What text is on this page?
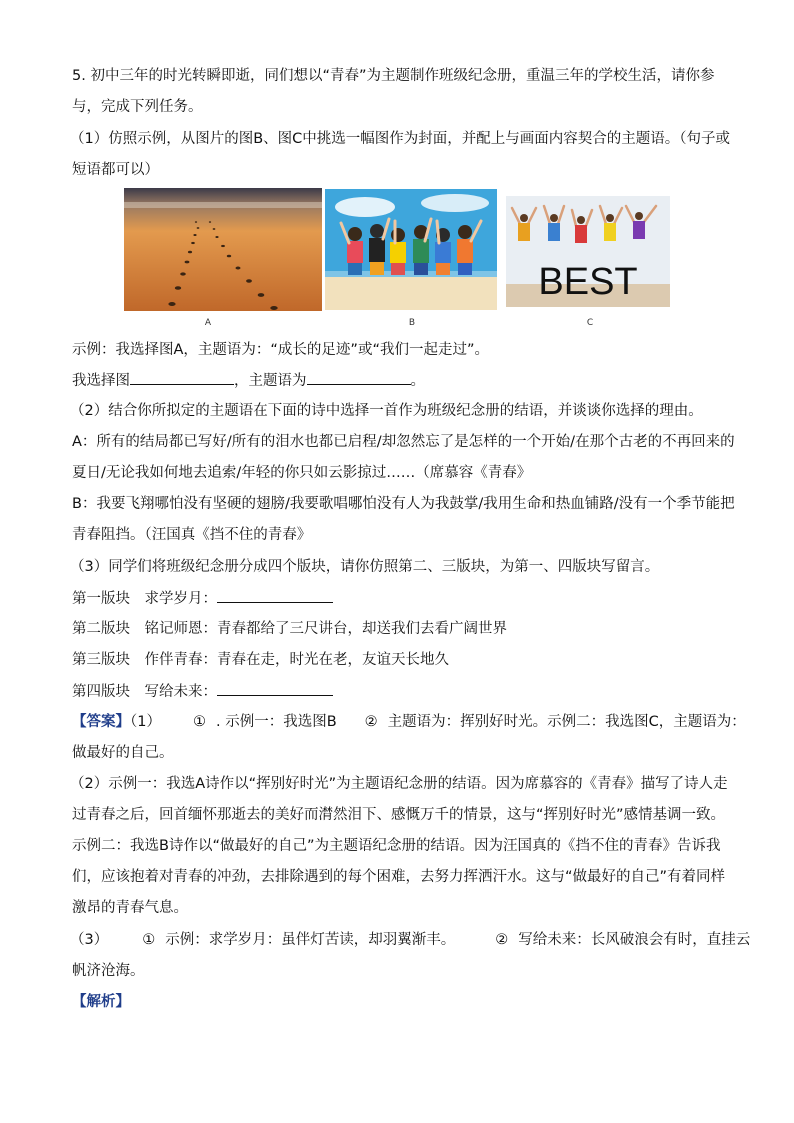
5. 初中三年的时光转瞬即逝，同们想以“青春”为主题制作班级纪念册，重温三年的学校生活，请你参
与，完成下列任务。
（1）仿照示例，从图片的图B、图C中挑选一幅图作为封面，并配上与画面内容契合的主题语。（句子或
短语都可以）
A	B
BEST
C
示例：我选择图A，主题语为：“成长的足迹”或“我们一起走过”。
我选择图	，主题语为	。
（2）结合你所拟定的主题语在下面的诗中选择一首作为班级纪念册的结语，并谈谈你选择的理由。
A：所有的结局都已写好/所有的泪水也都已启程/却忽然忘了是怎样的一个开始/在那个古老的不再回来的
夏日/无论我如何地去追索/年轻的你只如云影掠过……（席慕容《青春》
B：我要飞翔哪怕没有坚硬的翅膀/我要歌唱哪怕没有人为我鼓掌/我用生命和热血铺路/没有一个季节能把
青春阻挡。（汪国真《挡不住的青春》
（3）同学们将班级纪念册分成四个版块，请你仿照第二、三版块，为第一、四版块写留言。
第一版块　求学岁月：
第二版块　铭记师恩：青春都给了三尺讲台，却送我们去看广阔世界
第三版块　作伴青春：青春在走，时光在老，友谊天长地久
第四版块　写给未来：
【答案】（1） ① . 示例一：我选图B ② 主题语为：挥别好时光。示例二：我选图C，主题语为：
做最好的自己。
（2）示例一：我选A诗作以“挥别好时光”为主题语纪念册的结语。因为席慕容的《青春》描写了诗人走
过青春之后，回首缅怀那逝去的美好而潸然泪下、感慨万千的情景，这与“挥别好时光”感情基调一致。
示例二：我选B诗作以“做最好的自己”为主题语纪念册的结语。因为汪国真的《挡不住的青春》告诉我
们，应该抱着对青春的冲劲，去排除遇到的每个困难，去努力挥洒汗水。这与“做最好的自己”有着同样
激昂的青春气息。
（3） ① 示例：求学岁月：虽伴灯苦读，却羽翼渐丰。	② 写给未来：长风破浪会有时，直挂云
帆济沧海。
【解析】
